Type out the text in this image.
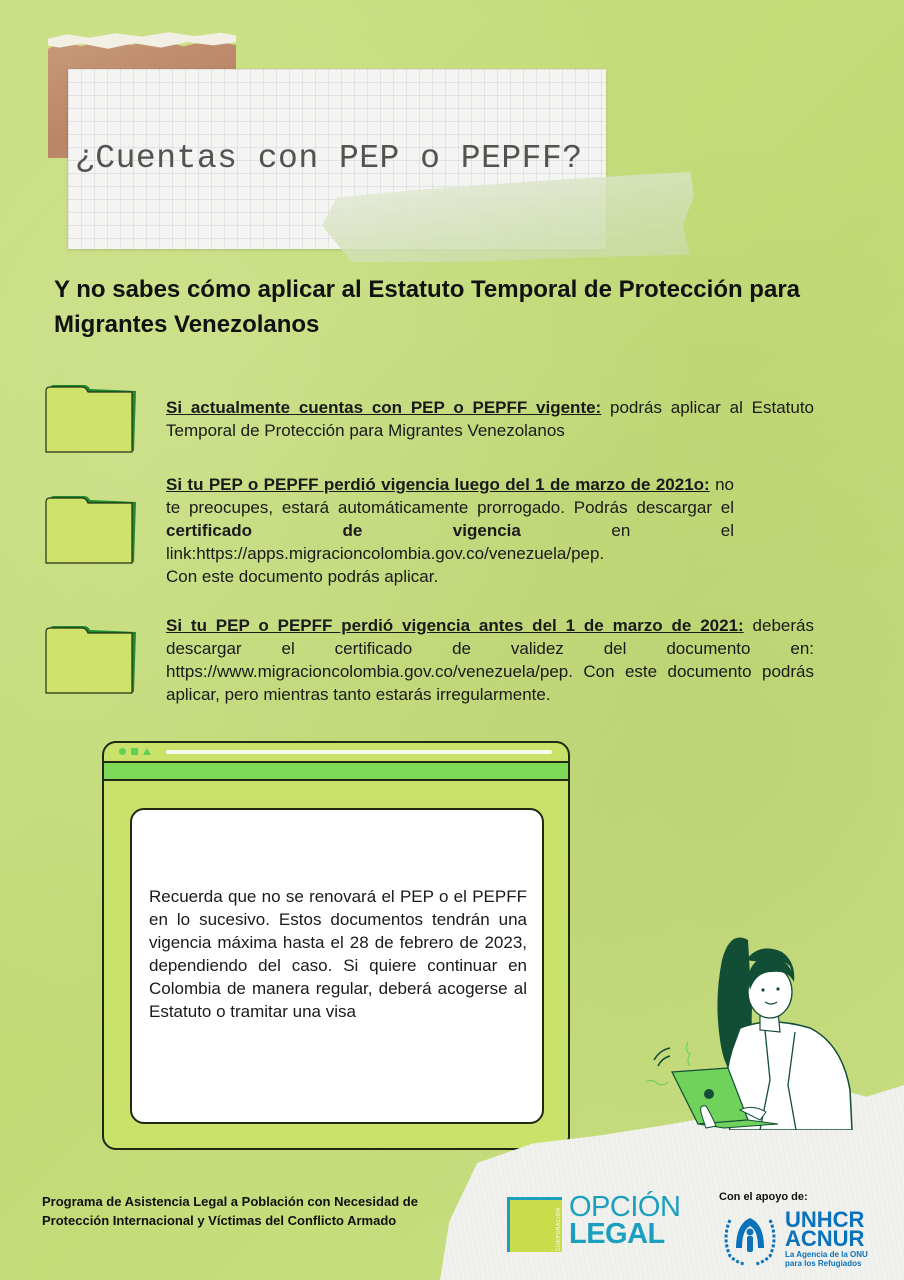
¿Cuentas con PEP o PEPFF?
Y no sabes cómo aplicar al Estatuto Temporal de Protección para Migrantes Venezolanos
Si actualmente cuentas con PEP o PEPFF vigente: podrás aplicar al Estatuto Temporal de Protección para Migrantes Venezolanos
Si tu PEP o PEPFF perdió vigencia luego del 1 de marzo de 2021o: no te preocupes, estará automáticamente prorrogado. Podrás descargar el certificado de vigencia en el link:https://apps.migracioncolombia.gov.co/venezuela/pep.
Con este documento podrás aplicar.
Si tu PEP o PEPFF perdió vigencia antes del 1 de marzo de 2021: deberás descargar el certificado de validez del documento en: https://www.migracioncolombia.gov.co/venezuela/pep. Con este documento podrás aplicar, pero mientras tanto estarás irregularmente.
Recuerda que no se renovará el PEP o el PEPFF en lo sucesivo. Estos documentos tendrán una vigencia máxima hasta el 28 de febrero de 2023, dependiendo del caso. Si quiere continuar en Colombia de manera regular, deberá acogerse al Estatuto o tramitar una visa
Programa de Asistencia Legal a Población con Necesidad de Protección Internacional y Víctimas del Conflicto Armado	CORPORACIÓN
OPCIÓN
LEGAL
Con el apoyo de:
UNHCR
ACNUR
La Agencia de la ONU
para los Refugiados
